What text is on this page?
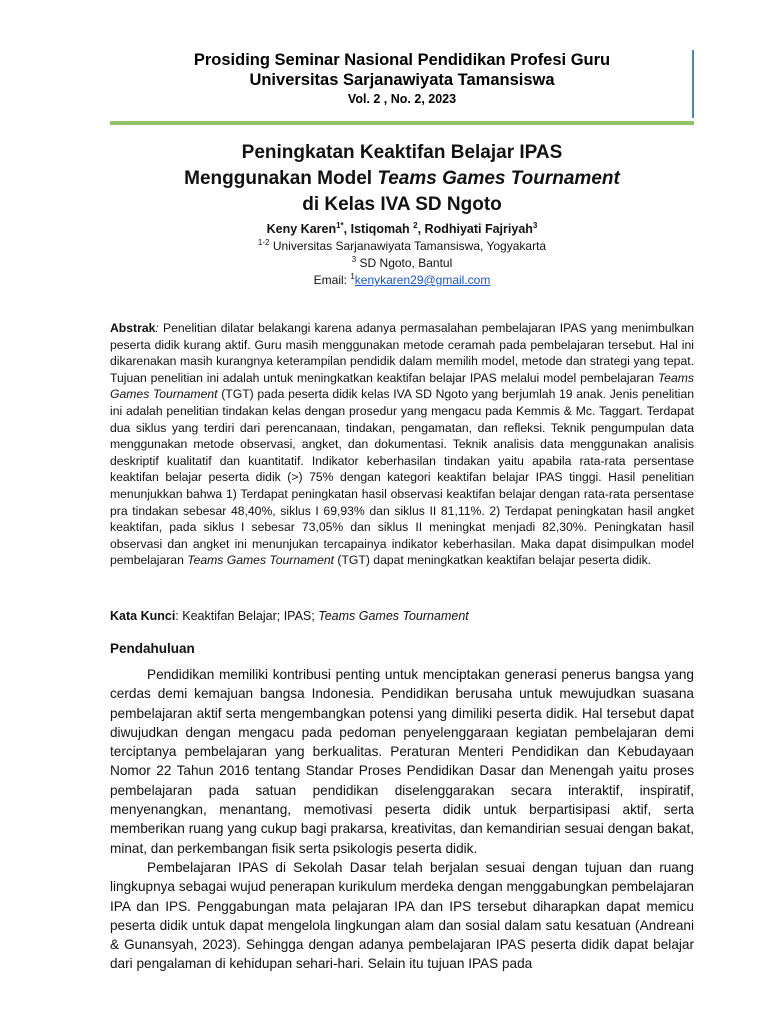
Prosiding Seminar Nasional Pendidikan Profesi Guru
Universitas Sarjanawiyata Tamansiswa
Vol. 2 , No. 2, 2023
Peningkatan Keaktifan Belajar IPAS
Menggunakan Model Teams Games Tournament
di Kelas IVA SD Ngoto
Keny Karen$^{1*}$, Istiqomah $^2$, Rodhiyati Fajriyah$^3$
$^{1-2}$ Universitas Sarjanawiyata Tamansiswa, Yogyakarta
$^3$ SD Ngoto, Bantul
Email: $^1$kenykaren29@gmail.com
Abstrak: Penelitian dilatar belakangi karena adanya permasalahan pembelajaran IPAS yang menimbulkan peserta didik kurang aktif. Guru masih menggunakan metode ceramah pada pembelajaran tersebut. Hal ini dikarenakan masih kurangnya keterampilan pendidik dalam memilih model, metode dan strategi yang tepat. Tujuan penelitian ini adalah untuk meningkatkan keaktifan belajar IPAS melalui model pembelajaran Teams Games Tournament (TGT) pada peserta didik kelas IVA SD Ngoto yang berjumlah 19 anak. Jenis penelitian ini adalah penelitian tindakan kelas dengan prosedur yang mengacu pada Kemmis & Mc. Taggart. Terdapat dua siklus yang terdiri dari perencanaan, tindakan, pengamatan, dan refleksi. Teknik pengumpulan data menggunakan metode observasi, angket, dan dokumentasi. Teknik analisis data menggunakan analisis deskriptif kualitatif dan kuantitatif. Indikator keberhasilan tindakan yaitu apabila rata-rata persentase keaktifan belajar peserta didik (>) 75% dengan kategori keaktifan belajar IPAS tinggi. Hasil penelitian menunjukkan bahwa 1) Terdapat peningkatan hasil observasi keaktifan belajar dengan rata-rata persentase pra tindakan sebesar 48,40%, siklus I 69,93% dan siklus II 81,11%. 2) Terdapat peningkatan hasil angket keaktifan, pada siklus I sebesar 73,05% dan siklus II meningkat menjadi 82,30%. Peningkatan hasil observasi dan angket ini menunjukan tercapainya indikator keberhasilan. Maka dapat disimpulkan model pembelajaran Teams Games Tournament (TGT) dapat meningkatkan keaktifan belajar peserta didik.
Kata Kunci: Keaktifan Belajar; IPAS; Teams Games Tournament
Pendahuluan

Pendidikan memiliki kontribusi penting untuk menciptakan generasi penerus bangsa yang cerdas demi kemajuan bangsa Indonesia. Pendidikan berusaha untuk mewujudkan suasana pembelajaran aktif serta mengembangkan potensi yang dimiliki peserta didik. Hal tersebut dapat diwujudkan dengan mengacu pada pedoman penyelenggaraan kegiatan pembelajaran demi terciptanya pembelajaran yang berkualitas. Peraturan Menteri Pendidikan dan Kebudayaan Nomor 22 Tahun 2016 tentang Standar Proses Pendidikan Dasar dan Menengah yaitu proses pembelajaran pada satuan pendidikan diselenggarakan secara interaktif, inspiratif, menyenangkan, menantang, memotivasi peserta didik untuk berpartisipasi aktif, serta memberikan ruang yang cukup bagi prakarsa, kreativitas, dan kemandirian sesuai dengan bakat, minat, dan perkembangan fisik serta psikologis peserta didik.

Pembelajaran IPAS di Sekolah Dasar telah berjalan sesuai dengan tujuan dan ruang lingkupnya sebagai wujud penerapan kurikulum merdeka dengan menggabungkan pembelajaran IPA dan IPS. Penggabungan mata pelajaran IPA dan IPS tersebut diharapkan dapat memicu peserta didik untuk dapat mengelola lingkungan alam dan sosial dalam satu kesatuan (Andreani & Gunansyah, 2023). Sehingga dengan adanya pembelajaran IPAS peserta didik dapat belajar dari pengalaman di kehidupan sehari-hari. Selain itu tujuan IPAS pada
